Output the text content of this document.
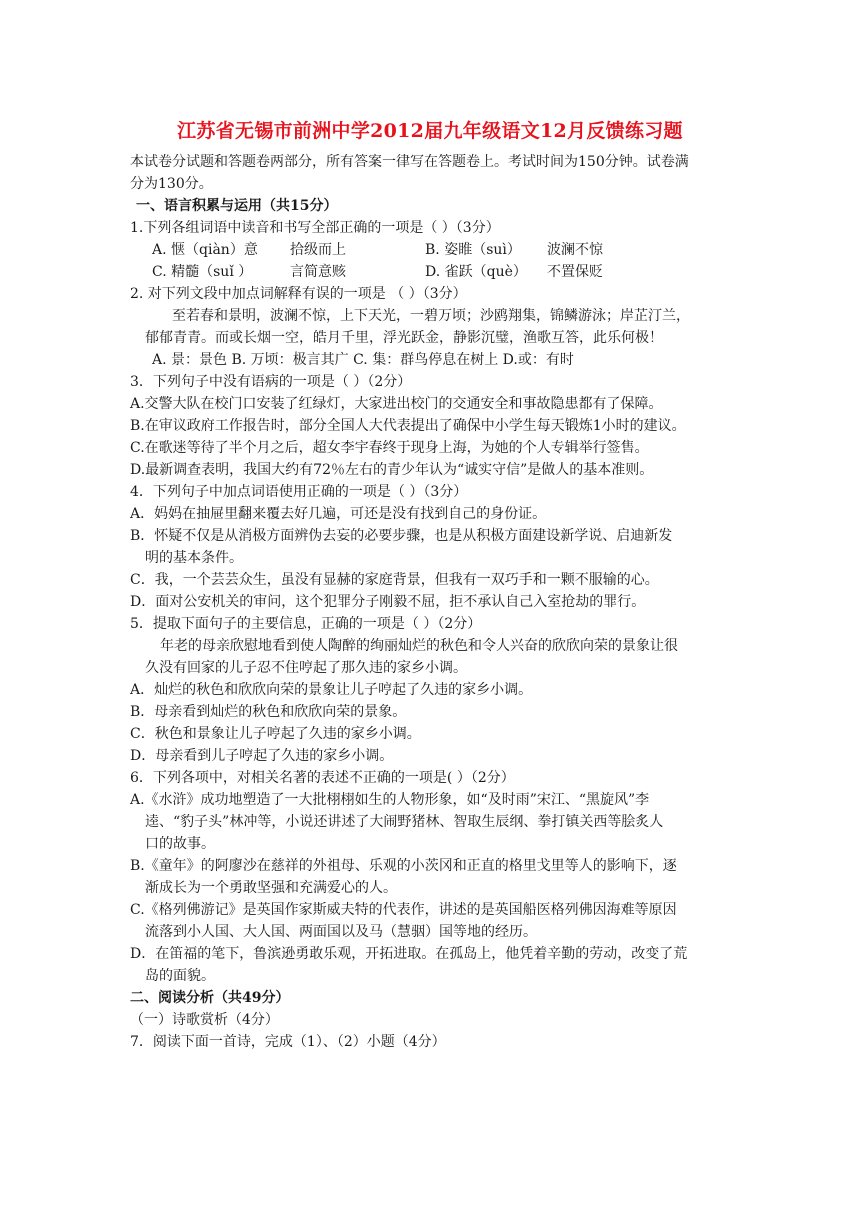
江苏省无锡市前洲中学2012届九年级语文12月反馈练习题
本试卷分试题和答题卷两部分，所有答案一律写在答题卷上。考试时间为150分钟。试卷满
分为130分。
一、语言积累与运用（共15分）
1.下列各组词语中读音和书写全部正确的一项是（ ）（3分）
A. 惬（qiàn）意 拾级而上	B. 姿睢（suì） 波澜不惊
C. 精髓（suǐ ）	言简意赅	D. 雀跃（què） 不置保贬
2. 对下列文段中加点词解释有误的一项是 （ ）（3分）
至若春和景明，波澜不惊，上下天光，一碧万顷；沙鸥翔集，锦鳞游泳；岸芷汀兰，
郁郁青青。而或长烟一空，皓月千里，浮光跃金，静影沉璧，渔歌互答，此乐何极！
A. 景：景色 B. 万顷：极言其广 C. 集：群鸟停息在树上 D.或：有时
3．下列句子中没有语病的一项是（ ）（2分）
A.交警大队在校门口安装了红绿灯，大家进出校门的交通安全和事故隐患都有了保障。
B.在审议政府工作报告时，部分全国人大代表提出了确保中小学生每天锻炼1小时的建议。
C.在歌迷等待了半个月之后，超女李宇春终于现身上海，为她的个人专辑举行签售。
D.最新调查表明，我国大约有72％左右的青少年认为“诚实守信”是做人的基本准则。
4．下列句子中加点词语使用正确的一项是（ ）（3分）
A．妈妈在抽屉里翻来覆去好几遍，可还是没有找到自己的身份证。
B．怀疑不仅是从消极方面辨伪去妄的必要步骤，也是从积极方面建设新学说、启迪新发
明的基本条件。
C．我，一个芸芸众生，虽没有显赫的家庭背景，但我有一双巧手和一颗不服输的心。
D．面对公安机关的审问，这个犯罪分子刚毅不屈，拒不承认自己入室抢劫的罪行。
5．提取下面句子的主要信息，正确的一项是（ ）（2分）
年老的母亲欣慰地看到使人陶醉的绚丽灿烂的秋色和令人兴奋的欣欣向荣的景象让很
久没有回家的儿子忍不住哼起了那久违的家乡小调。
A．灿烂的秋色和欣欣向荣的景象让儿子哼起了久违的家乡小调。
B．母亲看到灿烂的秋色和欣欣向荣的景象。
C．秋色和景象让儿子哼起了久违的家乡小调。
D．母亲看到儿子哼起了久违的家乡小调。
6．下列各项中，对相关名著的表述不正确的一项是( ）（2分）
A.《水浒》成功地塑造了一大批栩栩如生的人物形象，如“及时雨”宋江、“黑旋风”李
逵、“豹子头”林冲等，小说还讲述了大闹野猪林、智取生辰纲、拳打镇关西等脍炙人
口的故事。
B.《童年》的阿廖沙在慈祥的外祖母、乐观的小茨冈和正直的格里戈里等人的影响下，逐
渐成长为一个勇敢坚强和充满爱心的人。
C.《格列佛游记》是英国作家斯威夫特的代表作，讲述的是英国船医格列佛因海难等原因
流落到小人国、大人国、两面国以及马（慧骃）国等地的经历。
D．在笛福的笔下，鲁滨逊勇敢乐观，开拓进取。在孤岛上，他凭着辛勤的劳动，改变了荒
岛的面貌。
二、阅读分析（共49分）
（一）诗歌赏析（4分）
7．阅读下面一首诗，完成（1）、（2）小题（4分）
